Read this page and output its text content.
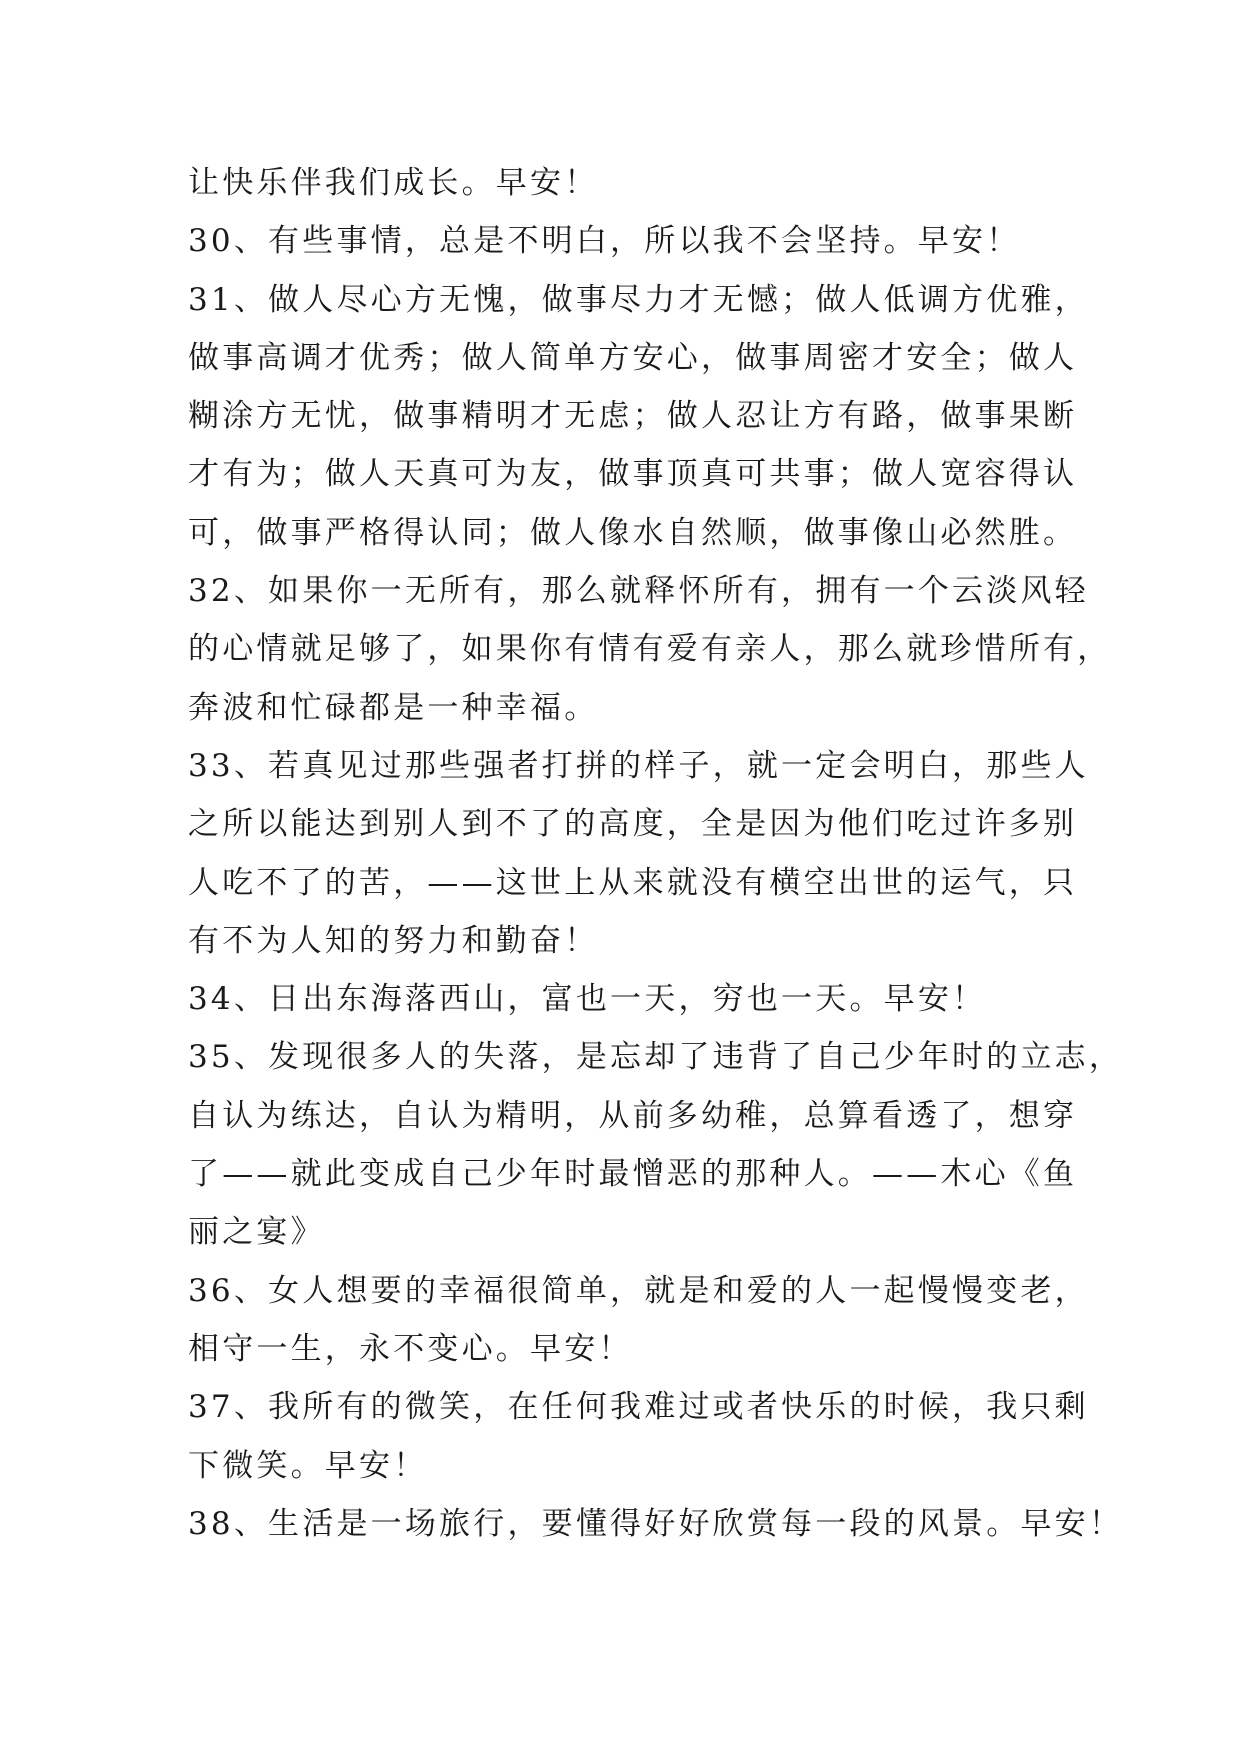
让快乐伴我们成长。早安！
30、有些事情，总是不明白，所以我不会坚持。早安！
31、做人尽心方无愧，做事尽力才无憾；做人低调方优雅，
做事高调才优秀；做人简单方安心，做事周密才安全；做人
糊涂方无忧，做事精明才无虑；做人忍让方有路，做事果断
才有为；做人天真可为友，做事顶真可共事；做人宽容得认
可，做事严格得认同；做人像水自然顺，做事像山必然胜。
32、如果你一无所有，那么就释怀所有，拥有一个云淡风轻
的心情就足够了，如果你有情有爱有亲人，那么就珍惜所有，
奔波和忙碌都是一种幸福。
33、若真见过那些强者打拼的样子，就一定会明白，那些人
之所以能达到别人到不了的高度，全是因为他们吃过许多别
人吃不了的苦，——这世上从来就没有横空出世的运气，只
有不为人知的努力和勤奋！
34、日出东海落西山，富也一天，穷也一天。早安！
35、发现很多人的失落，是忘却了违背了自己少年时的立志，
自认为练达，自认为精明，从前多幼稚，总算看透了，想穿
了——就此变成自己少年时最憎恶的那种人。——木心《鱼
丽之宴》
36、女人想要的幸福很简单，就是和爱的人一起慢慢变老，
相守一生，永不变心。早安！
37、我所有的微笑，在任何我难过或者快乐的时候，我只剩
下微笑。早安！
38、生活是一场旅行，要懂得好好欣赏每一段的风景。早安！
